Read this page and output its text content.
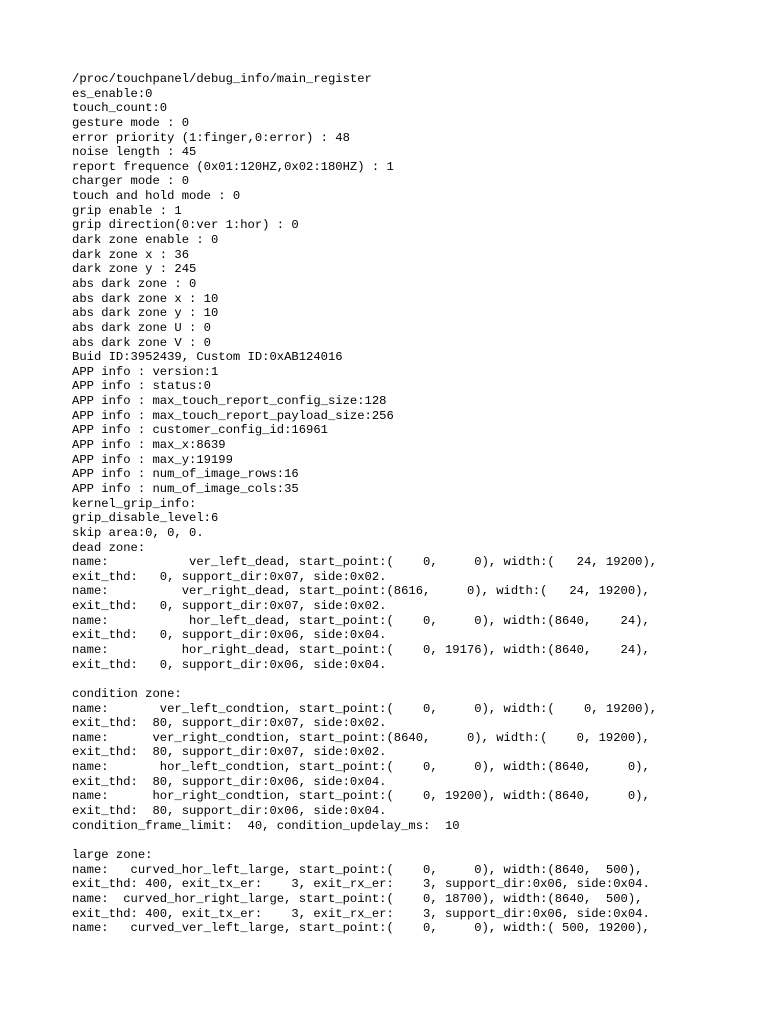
/proc/touchpanel/debug_info/main_register
es_enable:0
touch_count:0
gesture mode : 0
error priority (1:finger,0:error) : 48
noise length : 45
report frequence (0x01:120HZ,0x02:180HZ) : 1
charger mode : 0
touch and hold mode : 0
grip enable : 1
grip direction(0:ver 1:hor) : 0
dark zone enable : 0
dark zone x : 36
dark zone y : 245
abs dark zone : 0
abs dark zone x : 10
abs dark zone y : 10
abs dark zone U : 0
abs dark zone V : 0
Buid ID:3952439, Custom ID:0xAB124016
APP info : version:1
APP info : status:0
APP info : max_touch_report_config_size:128
APP info : max_touch_report_payload_size:256
APP info : customer_config_id:16961
APP info : max_x:8639
APP info : max_y:19199
APP info : num_of_image_rows:16
APP info : num_of_image_cols:35
kernel_grip_info:
grip_disable_level:6
skip area:0, 0, 0.
dead zone:
name:           ver_left_dead, start_point:(    0,     0), width:(   24, 19200),
exit_thd:   0, support_dir:0x07, side:0x02.
name:          ver_right_dead, start_point:(8616,     0), width:(   24, 19200),
exit_thd:   0, support_dir:0x07, side:0x02.
name:           hor_left_dead, start_point:(    0,     0), width:(8640,    24),
exit_thd:   0, support_dir:0x06, side:0x04.
name:          hor_right_dead, start_point:(    0, 19176), width:(8640,    24),
exit_thd:   0, support_dir:0x06, side:0x04.
condition zone:
name:       ver_left_condtion, start_point:(    0,     0), width:(    0, 19200),
exit_thd:  80, support_dir:0x07, side:0x02.
name:      ver_right_condtion, start_point:(8640,     0), width:(    0, 19200),
exit_thd:  80, support_dir:0x07, side:0x02.
name:       hor_left_condtion, start_point:(    0,     0), width:(8640,     0),
exit_thd:  80, support_dir:0x06, side:0x04.
name:      hor_right_condtion, start_point:(    0, 19200), width:(8640,     0),
exit_thd:  80, support_dir:0x06, side:0x04.
condition_frame_limit:  40, condition_updelay_ms:  10
large zone:
name:   curved_hor_left_large, start_point:(    0,     0), width:(8640,  500),
exit_thd: 400, exit_tx_er:    3, exit_rx_er:    3, support_dir:0x06, side:0x04.
name:  curved_hor_right_large, start_point:(    0, 18700), width:(8640,  500),
exit_thd: 400, exit_tx_er:    3, exit_rx_er:    3, support_dir:0x06, side:0x04.
name:   curved_ver_left_large, start_point:(    0,     0), width:( 500, 19200),
